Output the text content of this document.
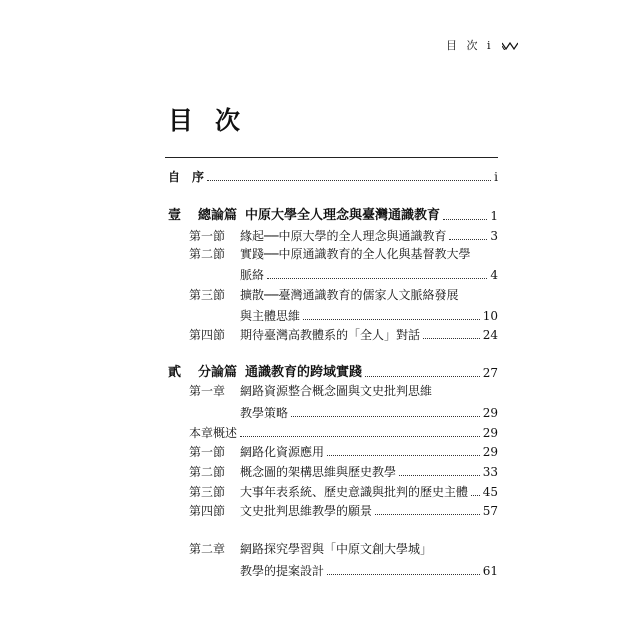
目 次 i
目次
自　序	i
壹 總論篇 中原大學全人理念與臺灣通識教育	1
第一節 緣起──中原大學的全人理念與通識教育	3
第二節 實踐──中原通識教育的全人化與基督教大學
脈絡	4
第三節 擴散──臺灣通識教育的儒家人文脈絡發展
與主體思維	10
第四節 期待臺灣高教體系的「全人」對話	24
貳 分論篇 通識教育的跨域實踐	27
第一章 網路資源整合概念圖與文史批判思維
教學策略	29
本章概述	29
第一節 網路化資源應用	29
第二節 概念圖的架構思維與歷史教學	33
第三節 大事年表系統、歷史意識與批判的歷史主體 45
第四節 文史批判思維教學的願景	57
第二章 網路探究學習與「中原文創大學城」
教學的提案設計	61
